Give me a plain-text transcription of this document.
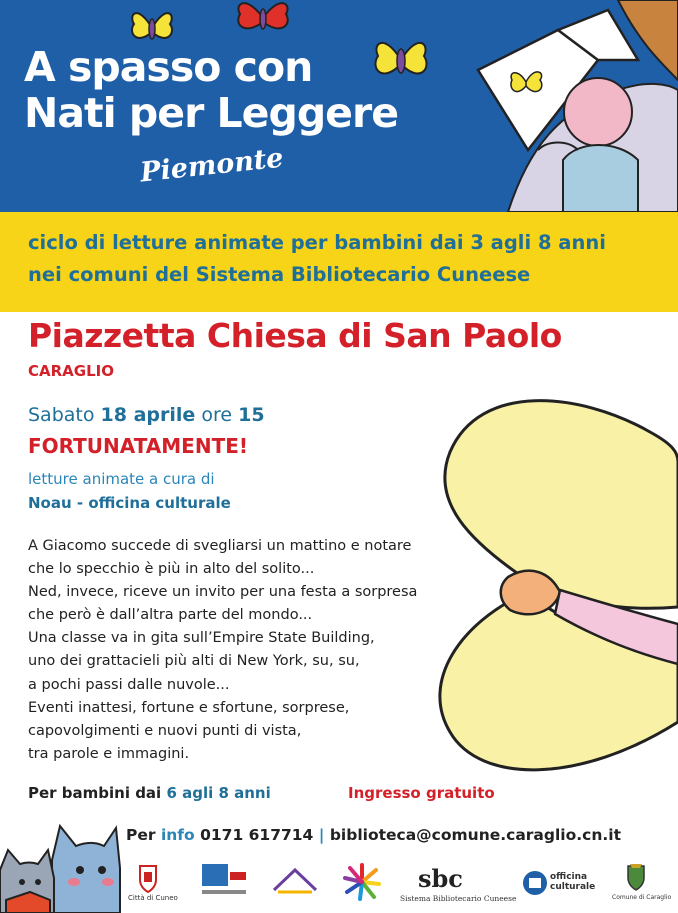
A spasso con
Nati per Leggere
Piemonte

ciclo di letture animate per bambini dai 3 agli 8 anni

nei comuni del Sistema Bibliotecario Cuneese

Piazzetta Chiesa di San Paolo
CARAGLIO
Sabato 18 aprile ore 15
FORTUNATAMENTE!
letture animate a cura di
Noau - officina culturale

A Giacomo succede di svegliarsi un mattino e notare
che lo specchio è più in alto del solito...
Ned, invece, riceve un invito per una festa a sorpresa
che però è dall’altra parte del mondo...
Una classe va in gita sull’Empire State Building,
uno dei grattacieli più alti di New York, su, su,
a pochi passi dalle nuvole...
Eventi inattesi, fortune e sfortune, sorprese,
capovolgimenti e nuovi punti di vista,
tra parole e immagini.

Per bambini dai 6 agli 8 anni	Ingresso gratuito
Per info 0171 617714 | biblioteca@comune.caraglio.cn.it
Città di Cuneo
sbc
Sistema Bibliotecario Cuneese
officina culturale
Comune di Caraglio
